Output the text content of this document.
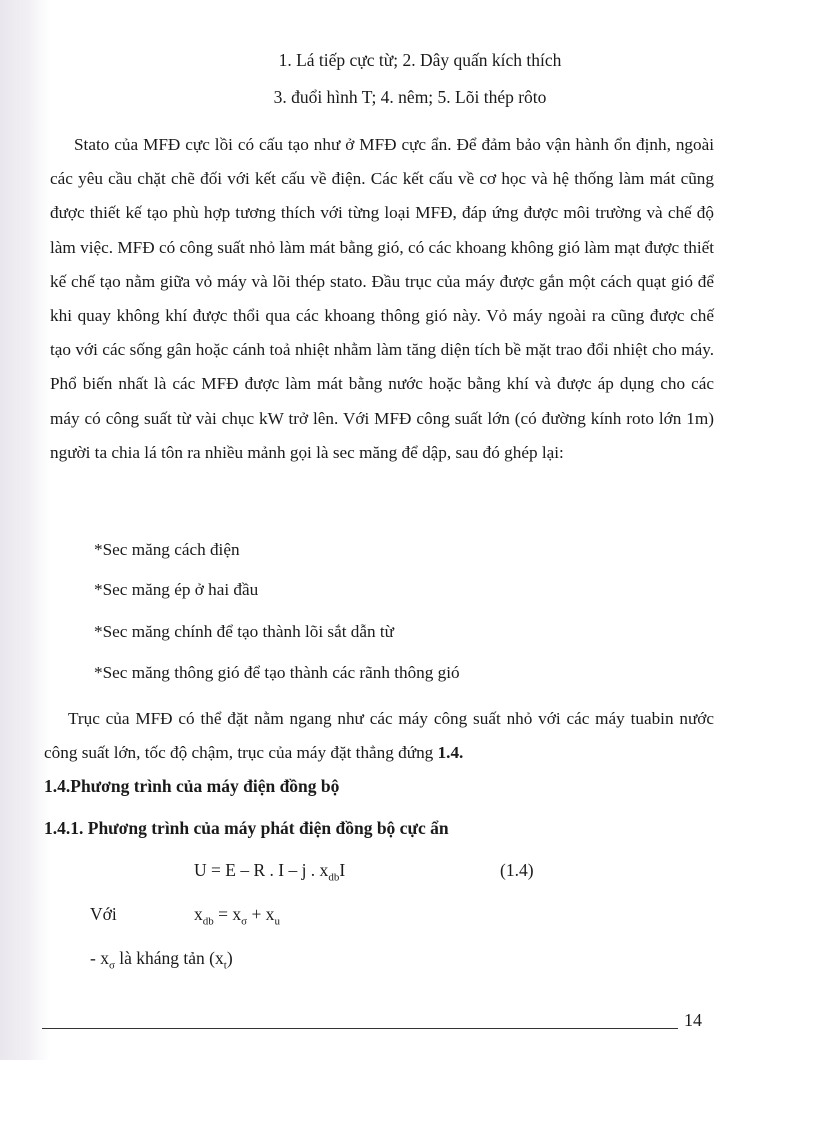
1. Lá tiếp cực từ; 2. Dây quấn kích thích
3. đuổi hình T; 4. nêm; 5. Lõi thép rôto

Stato của MFĐ cực lồi có cấu tạo như ở MFĐ cực ẩn. Để đảm bảo vận hành ổn định, ngoài các yêu cầu chặt chẽ đối với kết cấu về điện. Các kết cấu về cơ học và hệ thống làm mát cũng được thiết kế tạo phù hợp tương thích với từng loại MFĐ, đáp ứng được môi trường và chế độ làm việc. MFĐ có công suất nhỏ làm mát bằng gió, có các khoang không gió làm mạt được thiết kế chế tạo nằm giữa vỏ máy và lõi thép stato. Đầu trục của máy được gắn một cách quạt gió để khi quay không khí được thổi qua các khoang thông gió này. Vỏ máy ngoài ra cũng được chế tạo với các sống gân hoặc cánh toả nhiệt nhằm làm tăng diện tích bề mặt trao đổi nhiệt cho máy. Phổ biến nhất là các MFĐ được làm mát bằng nước hoặc bằng khí và được áp dụng cho các máy có công suất từ vài chục kW trở lên. Với MFĐ công suất lớn (có đường kính roto lớn 1m) người ta chia lá tôn ra nhiều mảnh gọi là sec măng để dập, sau đó ghép lại:

*Sec măng cách điện
*Sec măng ép ở hai đầu
*Sec măng chính để tạo thành lõi sắt dẫn từ
*Sec măng thông gió để tạo thành các rãnh thông gió

Trục của MFĐ có thể đặt nằm ngang như các máy công suất nhỏ với các máy tuabin nước công suất lớn, tốc độ chậm, trục của máy đặt thẳng đứng 1.4.

1.4.Phương trình của máy điện đồng bộ
1.4.1. Phương trình của máy phát điện đồng bộ cực ẩn
U = E – R . I – j . $x_{db}I$	(1.4)
Với	$x_{db} = x_\sigma + x_u$
- $x_\sigma$ là kháng tản $(x_t)$
14
